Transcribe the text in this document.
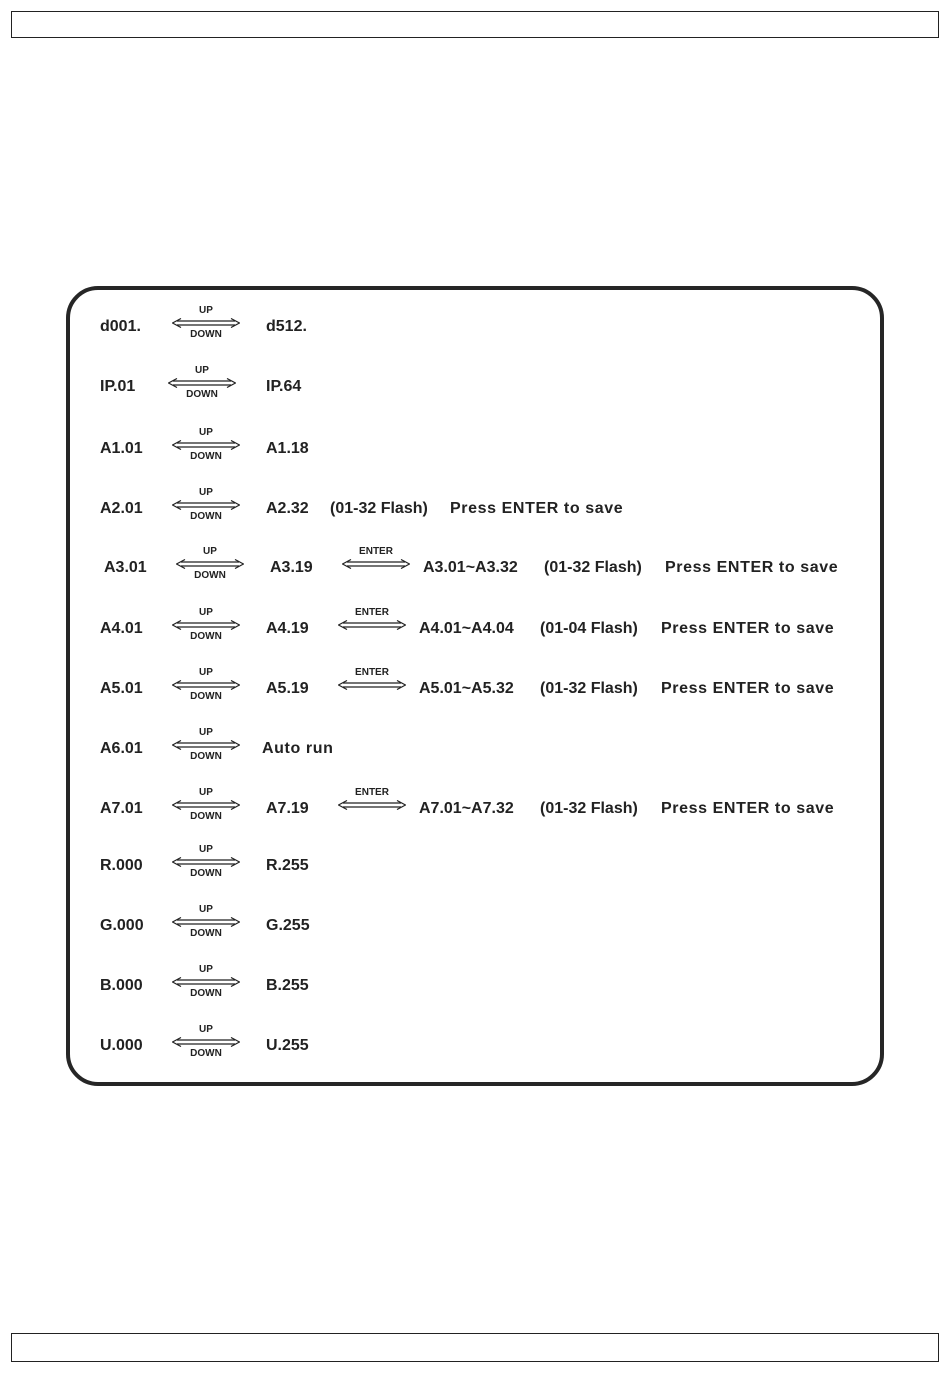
d001.
UP
DOWN	d512.
IP.01
UP
DOWN	IP.64
A1.01
UP
DOWN	A1.18
A2.01
UP
DOWN	A2.32 (01-32 Flash) Press ENTER to save
A3.01
UP
DOWN	A3.19
ENTER
A3.01~A3.32 (01-32 Flash) Press ENTER to save
A4.01
UP
DOWN	A4.19
ENTER
A4.01~A4.04 (01-04 Flash) Press ENTER to save
A5.01
UP
DOWN	A5.19
ENTER
A5.01~A5.32 (01-32 Flash) Press ENTER to save
A6.01
UP
DOWN	Auto run
A7.01
UP
DOWN	A7.19
ENTER
A7.01~A7.32 (01-32 Flash) Press ENTER to save
R.000
UP
DOWN	R.255
G.000
UP
DOWN	G.255
B.000
UP
DOWN	B.255
U.000
UP
DOWN	U.255
